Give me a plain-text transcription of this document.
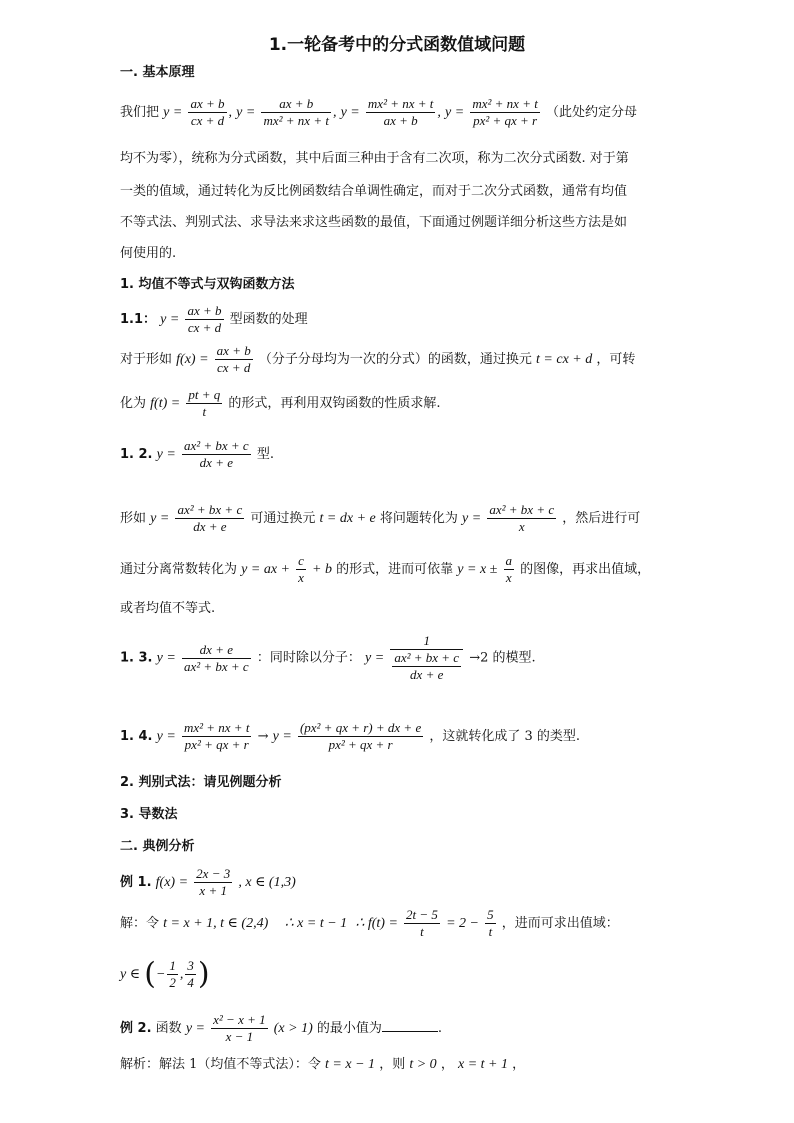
1.一轮备考中的分式函数值域问题
一. 基本原理
我们把 $y = \frac{ax + b}{cx + d}$ , $y = \frac{ax + b}{\text{mx² + nx + t}}$ , $y = \frac{\text{mx² + nx + t}}{ax + b}$ , $y = \frac{\text{mx² + nx + t}}{\text{px² + qx + r}}$ （此处约定分母
均不为零），统称为分式函数，其中后面三种由于含有二次项，称为二次分式函数. 对于第
一类的值域，通过转化为反比例函数结合单调性确定，而对于二次分式函数，通常有均值
不等式法、判别式法、求导法来求这些函数的最值，下面通过例题详细分析这些方法是如
何使用的.
1. 均值不等式与双钩函数方法
1.1： $y = \frac{ax + b}{cx + d}$ 型函数的处理
对于形如 $f(x) = \frac{ax + b}{cx + d}$ （分子分母均为一次的分式）的函数，通过换元 t = cx + d ，可转
化为 $f(t) = \frac{pt + q}{t}$ 的形式，再利用双钩函数的性质求解.
1. 2. $y = \frac{\text{ax² + bx + c}}{dx + e}$ 型.
形如 $y = \frac{\text{ax² + bx + c}}{dx + e}$ 可通过换元 t = dx + e 将问题转化为 $y = \frac{\text{ax² + bx + c}}{x}$ ，然后进行可
通过分离常数转化为 y = ax + $\frac{c}{x} + b$ 的形式，进而可依靠 $y = x \pm \frac{a}{x}$ 的图像，再求出值域，
或者均值不等式.
1. 3. $y = \frac{dx + e}{\text{ax² + bx + c}}$ ：同时除以分子： $y = \frac{1}{\frac{\text{ax² + bx + c}}{dx + e}} \to 2$ 的模型.
1. 4. $y = \frac{\text{mx² + nx + t}}{\text{px² + qx + r}} \to y = \frac{\text{(px² + qx + r) + dx + e}}{\text{px² + qx + r}}$ ，这就转化成了 3 的类型.
2. 判别式法：请见例题分析
3. 导数法
二. 典例分析
例 1. $f(x) = \frac{2x - 3}{x + 1}$ , x ∈ (1,3)
解：令 t = x + 1, t ∈ (2,4) ∴ x = t − 1 ∴ $f(t) = \frac{2t - 5}{t} = 2 - \frac{5}{t}$ ，进而可求出值域：
y ∈ (− $\frac{1}{2}$ , $\frac{3}{4}$ )
例 2. 函数 $y = \frac{\text{x² − x + 1}}{x - 1} (x > 1)$ 的最小值为	.
解析：解法 1（均值不等式法）：令 t = x − 1 ，则 t > 0 ， x = t + 1 ，
